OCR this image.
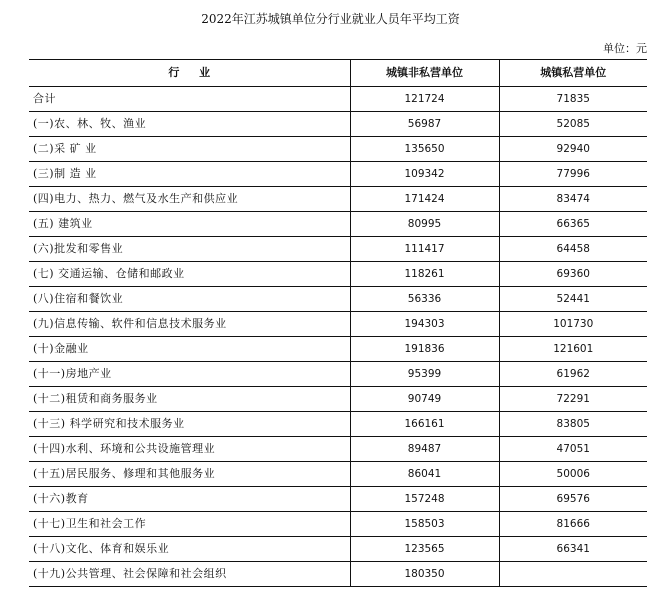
2022年江苏城镇单位分行业就业人员年平均工资
单位：元
行 业	城镇非私营单位	城镇私营单位
合计	121724	71835
(一)农、林、牧、渔业	56987	52085
(二)采 矿 业	135650	92940
(三)制 造 业	109342	77996
(四)电力、热力、燃气及水生产和供应业	171424	83474
(五) 建筑业	80995	66365
(六)批发和零售业	111417	64458
(七) 交通运输、仓储和邮政业	118261	69360
(八)住宿和餐饮业	56336	52441
(九)信息传输、软件和信息技术服务业	194303	101730
(十)金融业	191836	121601
(十一)房地产业	95399	61962
(十二)租赁和商务服务业	90749	72291
(十三) 科学研究和技术服务业	166161	83805
(十四)水利、环境和公共设施管理业	89487	47051
(十五)居民服务、修理和其他服务业	86041	50006
(十六)教育	157248	69576
(十七)卫生和社会工作	158503	81666
(十八)文化、体育和娱乐业	123565	66341
(十九)公共管理、社会保障和社会组织	180350	
